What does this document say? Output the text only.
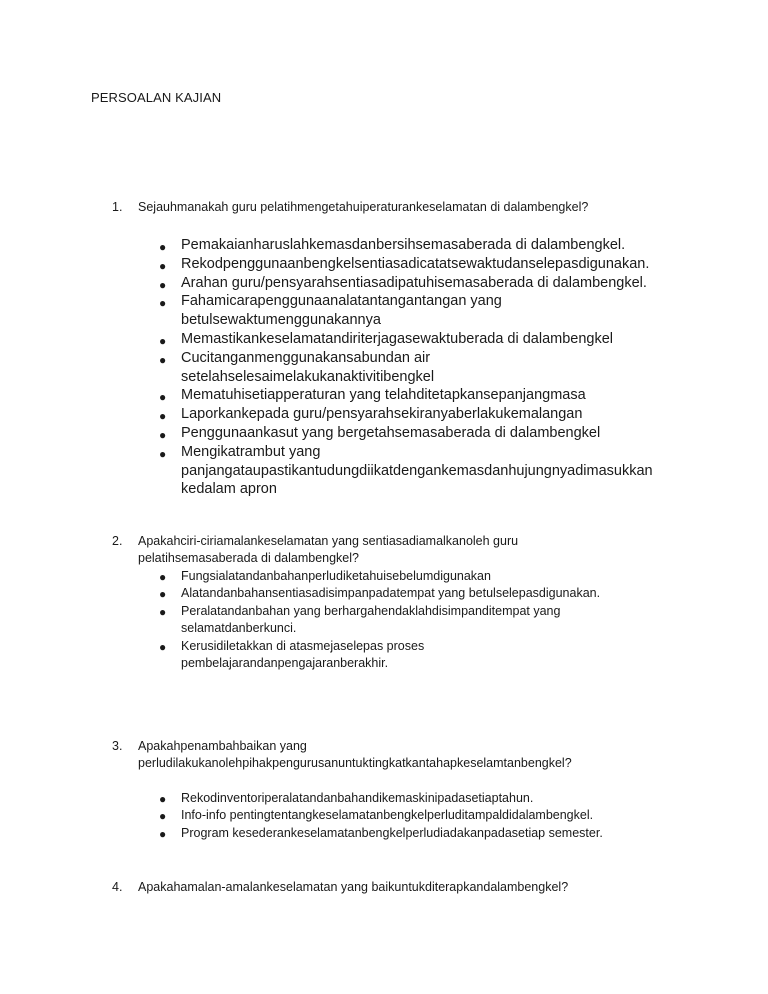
PERSOALAN KAJIAN
1.	Sejauhmanakah guru pelatihmengetahuiperaturankeselamatan di dalambengkel?
● Pemakaianharuslahkemasdanbersihsemasaberada di dalambengkel.
● Rekodpenggunaanbengkelsentiasadicatatsewaktudanselepasdigunakan.
● Arahan guru/pensyarahsentiasadipatuhisemasaberada di dalambengkel.
● Fahamicarapenggunaanalatantangantangan yang betulsewaktumenggunakannya
● Memastikankeselamatandiriterjagasewaktuberada di dalambengkel
● Cucitanganmenggunakansabundan air setelahselesaimelakukanaktivitibengkel
● Mematuhisetiapperaturan yang telahditetapkansepanjangmasa
● Laporkankepada guru/pensyarahsekiranyaberlakukemalangan
● Penggunaankasut yang bergetahsemasaberada di dalambengkel
● Mengikatrambut yang panjangataupastikantudungdiikatdengankemasdanhujungnyadimasukkan kedalam apron
2.	Apakahciri-ciriamalankeselamatan yang sentiasadiamalkanoleh guru pelatihsemasaberada di dalambengkel?
● Fungsialatandanbahanperludiketahuisebelumdigunakan
● Alatandanbahansentiasadisimpanpadatempat yang betulselepasdigunakan.
● Peralatandanbahan yang berhargahendaklahdisimpanditempat yang selamatdanberkunci.
● Kerusidiletakkan di atasmejaselepas proses pembelajarandanpengajaranberakhir.
3.	Apakahpenambahbaikan yang perludilakukanolehpihakpengurusanuntuktingkatkantahapkeselamtanbengkel?
● Rekodinventoriperalatandanbahandikemaskinipadasetiaptahun.
● Info-info pentingtentangkeselamatanbengkelperluditampaldidalambengkel.
● Program kesederankeselamatanbengkelperludiadakanpadasetiap semester.
4.	Apakahamalan-amalankeselamatan yang baikuntukditerapkandalambengkel?
